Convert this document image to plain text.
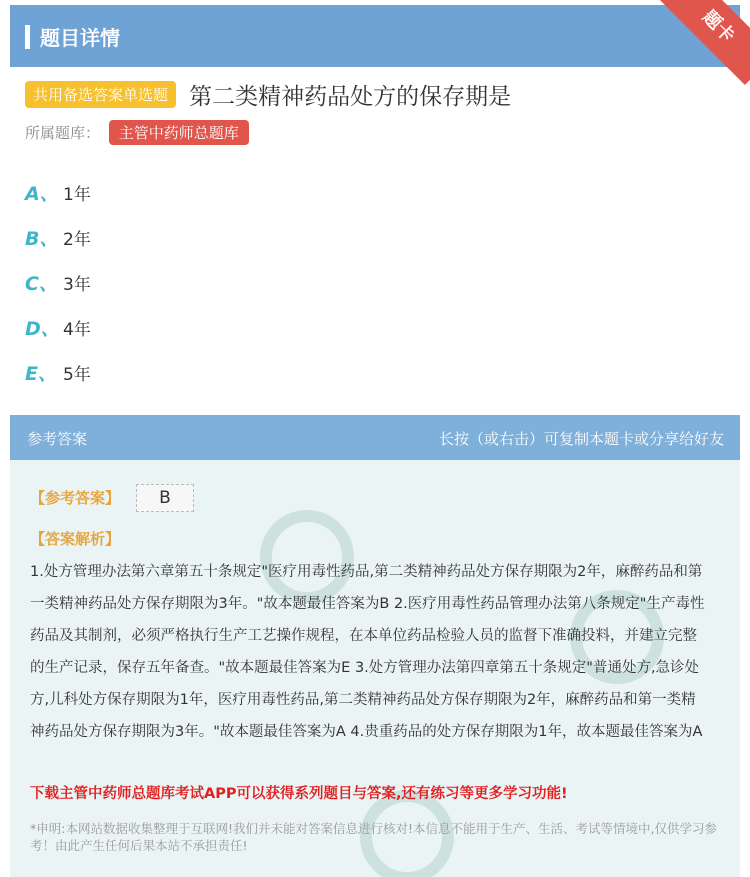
题目详情	题卡
共用备选答案单选题 第二类精神药品处方的保存期是
所属题库： 主管中药师总题库
A、 1年
B、 2年
C、 3年
D、 4年
E、 5年
参考答案	长按（或右击）可复制本题卡或分享给好友
【参考答案】	B
【答案解析】
1.处方管理办法第六章第五十条规定"医疗用毒性药品,第二类精神药品处方保存期限为2年，麻醉药品和第一类精神药品处方保存期限为3年。"故本题最佳答案为B 2.医疗用毒性药品管理办法第八条规定"生产毒性药品及其制剂，必须严格执行生产工艺操作规程，在本单位药品检验人员的监督下准确投料，并建立完整的生产记录，保存五年备查。"故本题最佳答案为E 3.处方管理办法第四章第五十条规定"普通处方,急诊处方,儿科处方保存期限为1年，医疗用毒性药品,第二类精神药品处方保存期限为2年，麻醉药品和第一类精神药品处方保存期限为3年。"故本题最佳答案为A 4.贵重药品的处方保存期限为1年，故本题最佳答案为A
下载主管中药师总题库考试APP可以获得系列题目与答案,还有练习等更多学习功能!
*申明:本网站数据收集整理于互联网!我们并未能对答案信息进行核对!本信息不能用于生产、生活、考试等情境中,仅供学习参考！由此产生任何后果本站不承担责任!
